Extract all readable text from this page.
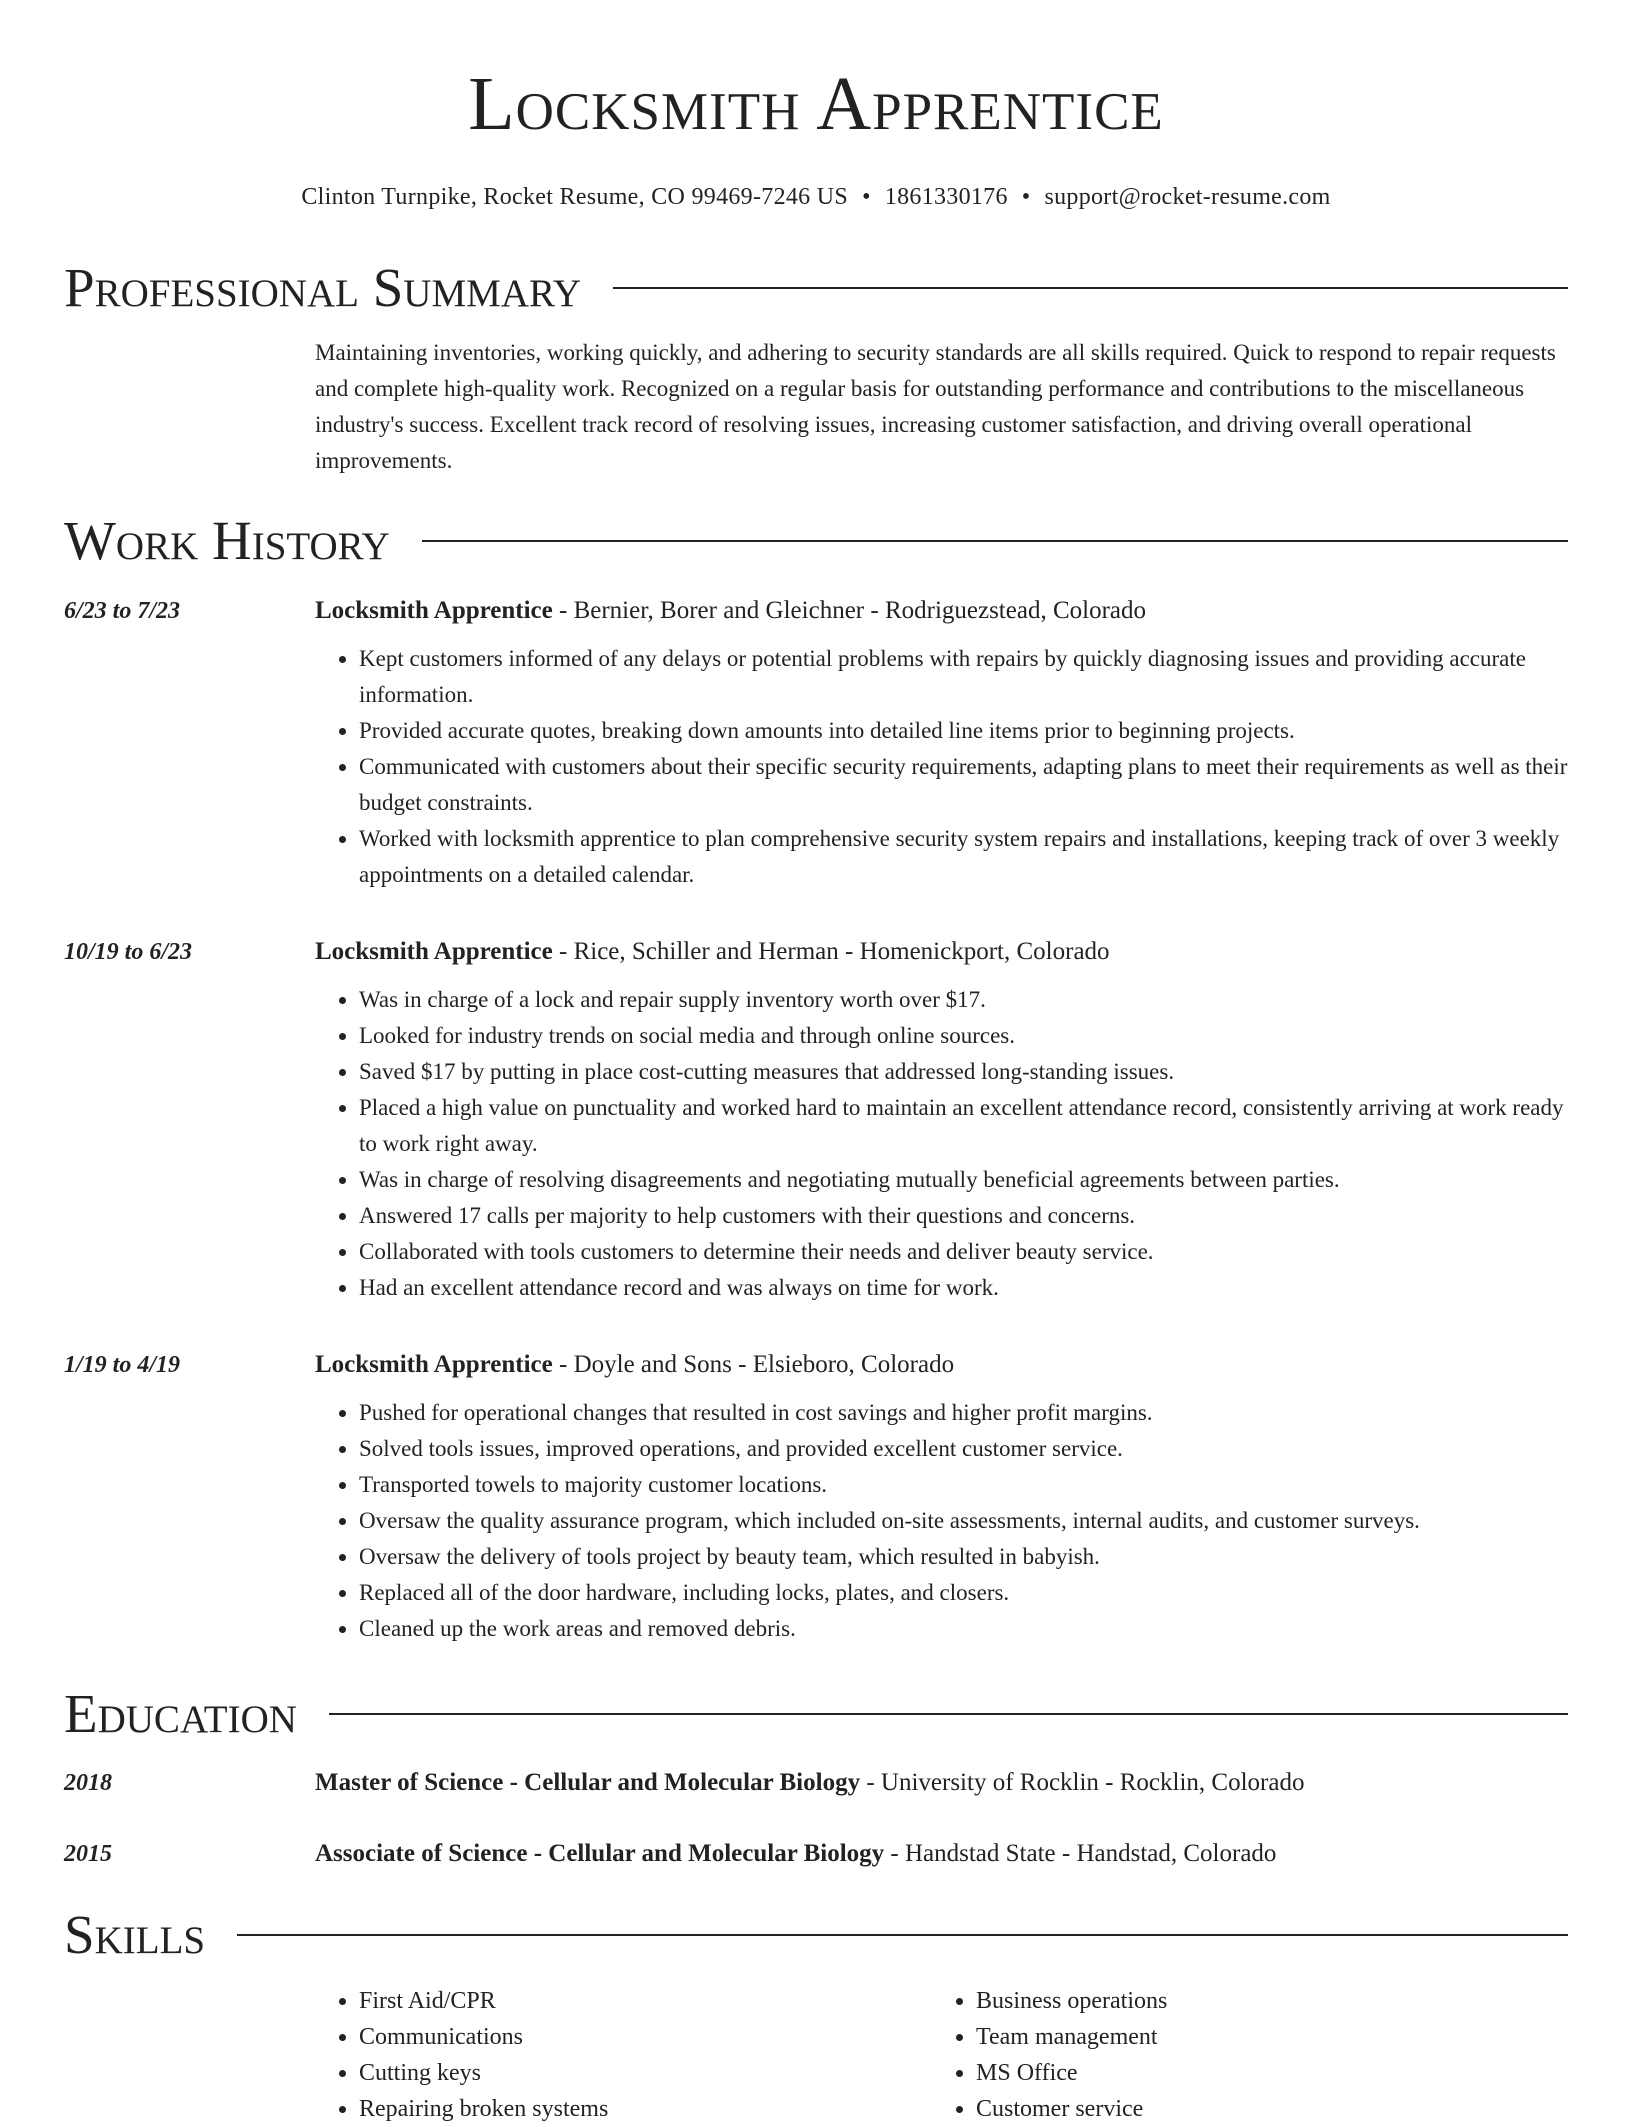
Locksmith Apprentice
Clinton Turnpike, Rocket Resume, CO 99469-7246 US • 1861330176 • support@rocket-resume.com
Professional Summary
Maintaining inventories, working quickly, and adhering to security standards are all skills required. Quick to respond to repair requests and complete high-quality work. Recognized on a regular basis for outstanding performance and contributions to the miscellaneous industry's success. Excellent track record of resolving issues, increasing customer satisfaction, and driving overall operational improvements.
Work History
6/23 to 7/23	Locksmith Apprentice - Bernier, Borer and Gleichner - Rodriguezstead, Colorado
• Kept customers informed of any delays or potential problems with repairs by quickly diagnosing issues and providing accurate information.
• Provided accurate quotes, breaking down amounts into detailed line items prior to beginning projects.
• Communicated with customers about their specific security requirements, adapting plans to meet their requirements as well as their budget constraints.
• Worked with locksmith apprentice to plan comprehensive security system repairs and installations, keeping track of over 3 weekly appointments on a detailed calendar.
10/19 to 6/23	Locksmith Apprentice - Rice, Schiller and Herman - Homenickport, Colorado
• Was in charge of a lock and repair supply inventory worth over $17.
• Looked for industry trends on social media and through online sources.
• Saved $17 by putting in place cost-cutting measures that addressed long-standing issues.
• Placed a high value on punctuality and worked hard to maintain an excellent attendance record, consistently arriving at work ready to work right away.
• Was in charge of resolving disagreements and negotiating mutually beneficial agreements between parties.
• Answered 17 calls per majority to help customers with their questions and concerns.
• Collaborated with tools customers to determine their needs and deliver beauty service.
• Had an excellent attendance record and was always on time for work.
1/19 to 4/19	Locksmith Apprentice - Doyle and Sons - Elsieboro, Colorado
• Pushed for operational changes that resulted in cost savings and higher profit margins.
• Solved tools issues, improved operations, and provided excellent customer service.
• Transported towels to majority customer locations.
• Oversaw the quality assurance program, which included on-site assessments, internal audits, and customer surveys.
• Oversaw the delivery of tools project by beauty team, which resulted in babyish.
• Replaced all of the door hardware, including locks, plates, and closers.
• Cleaned up the work areas and removed debris.
Education
2018	Master of Science - Cellular and Molecular Biology - University of Rocklin - Rocklin, Colorado
2015	Associate of Science - Cellular and Molecular Biology - Handstad State - Handstad, Colorado
Skills
• First Aid/CPR
• Communications
• Cutting keys
• Repairing broken systems
• Business operations
• Team management
• MS Office
• Customer service
